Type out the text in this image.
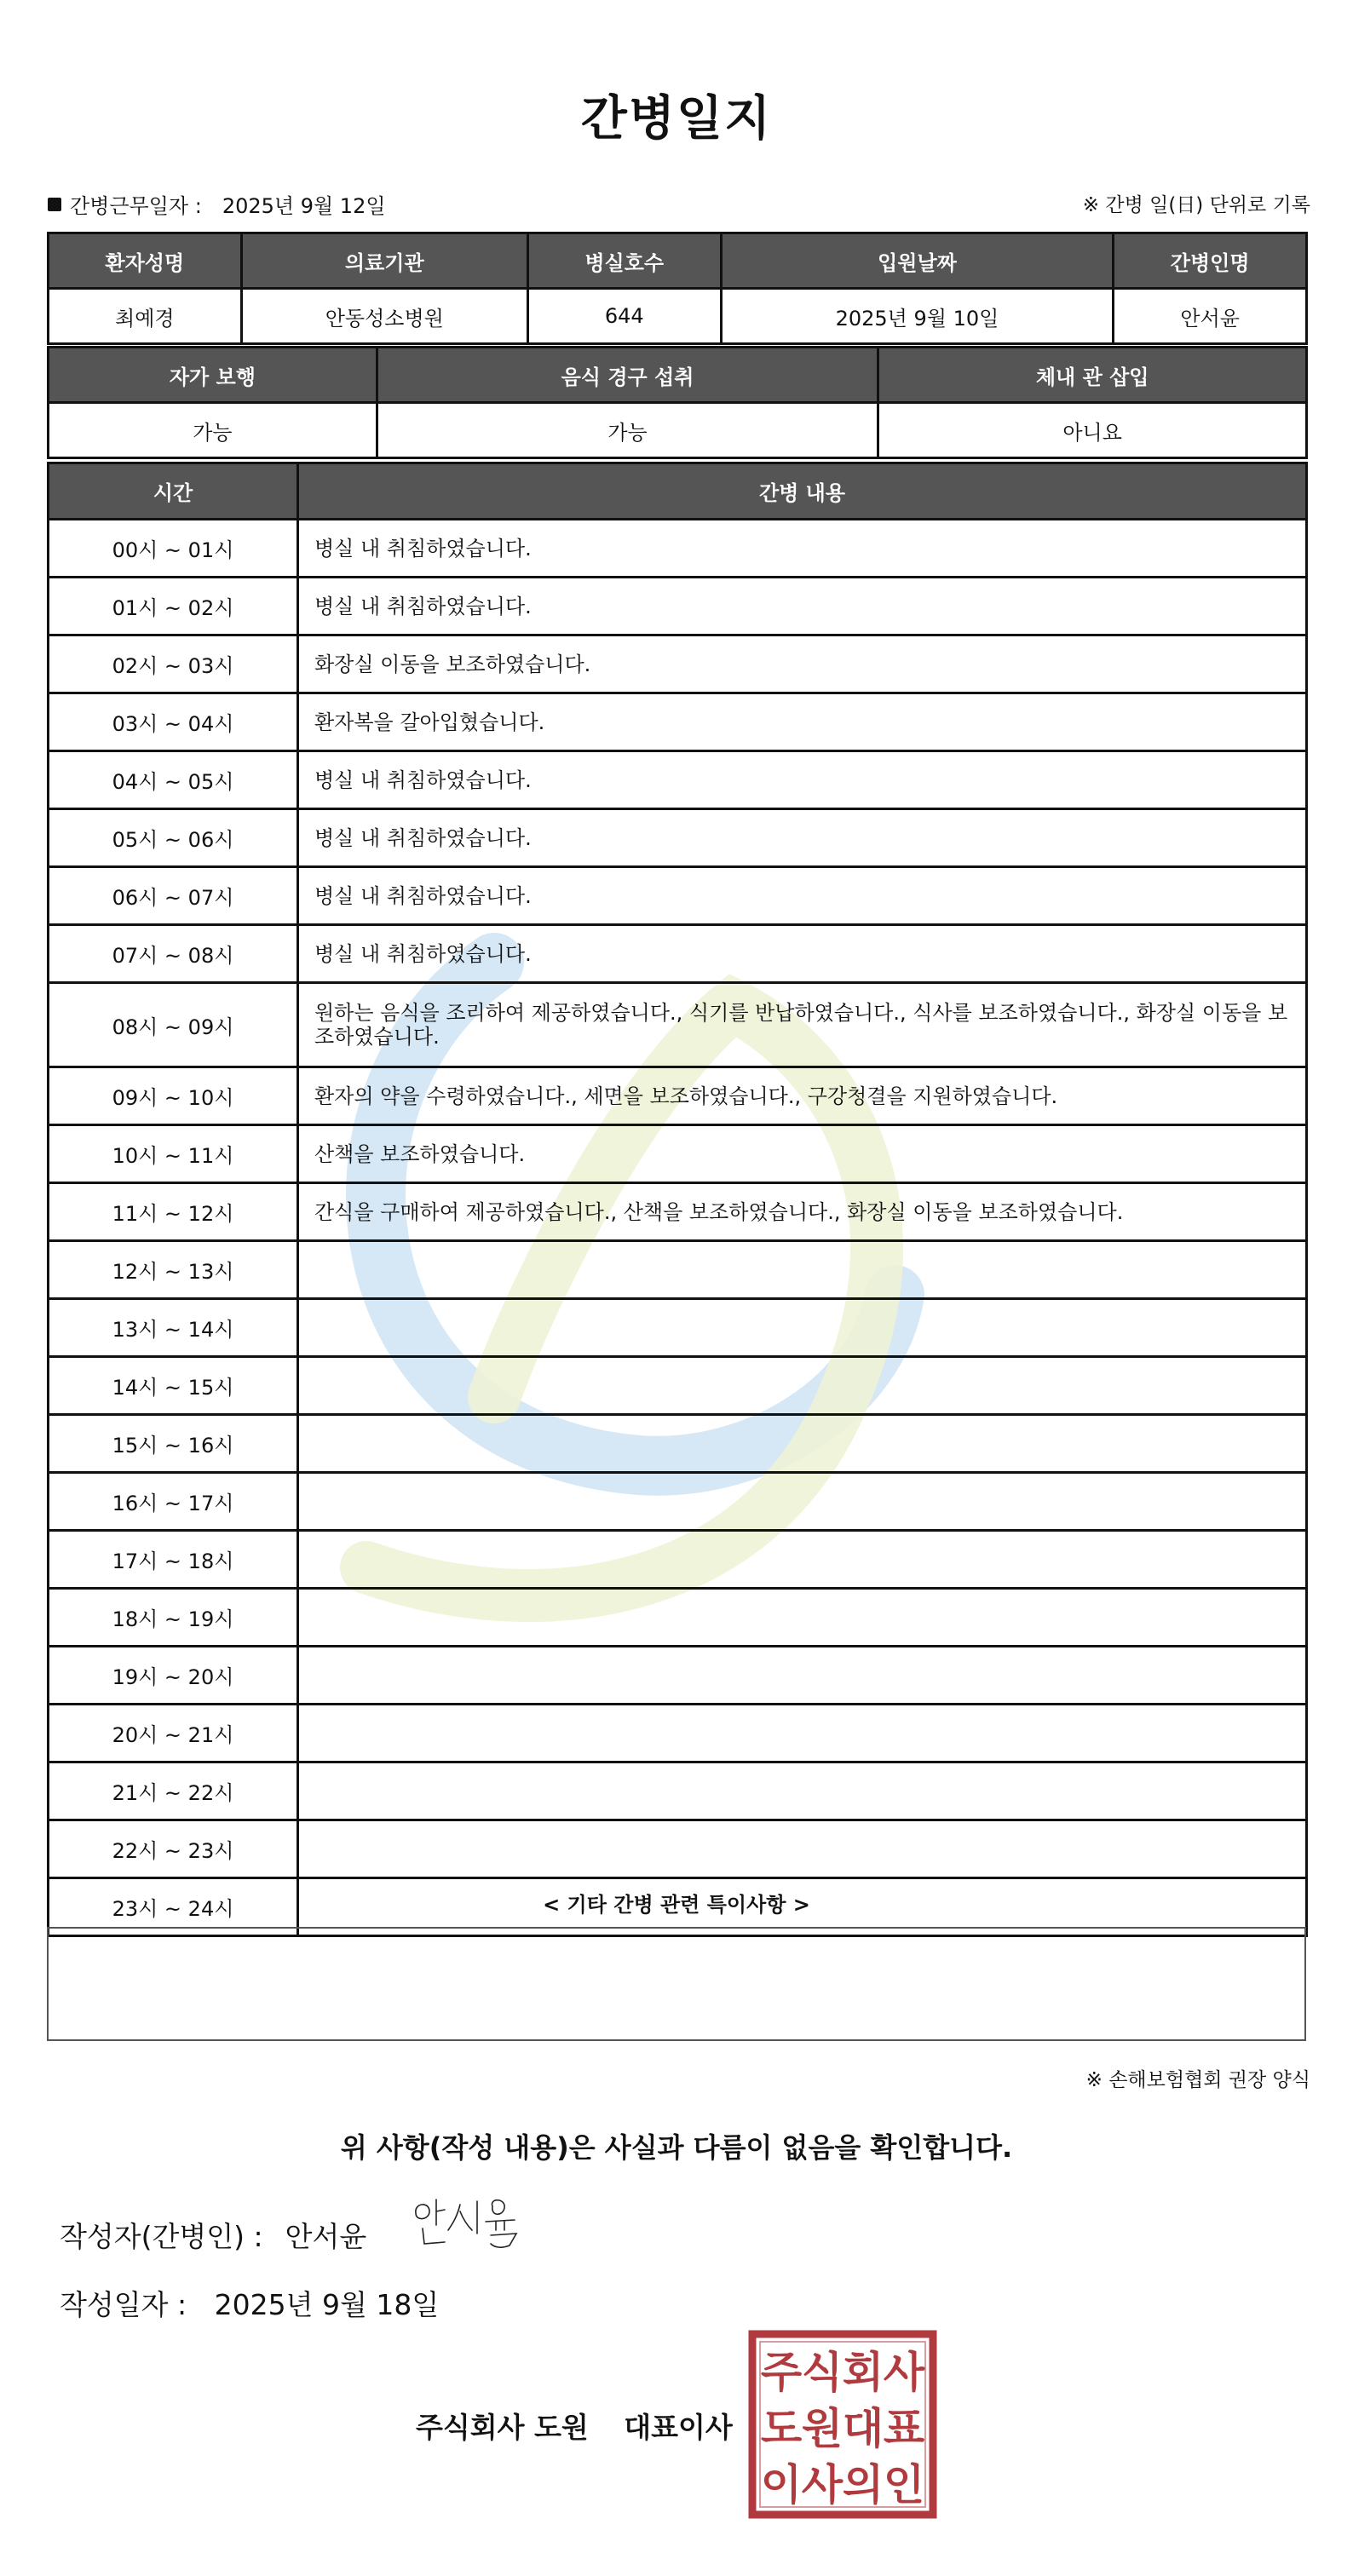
간병일지
간병근무일자 : 2025년 9월 12일	※ 간병 일(日) 단위로 기록
환자성명	의료기관	병실호수	입원날짜	간병인명
최예경	안동성소병원	644	2025년 9월 10일	안서윤
자가 보행	음식 경구 섭취	체내 관 삽입
가능	가능	아니요
시간	간병 내용
00시 ~ 01시	병실 내 취침하였습니다.
01시 ~ 02시	병실 내 취침하였습니다.
02시 ~ 03시	화장실 이동을 보조하였습니다.
03시 ~ 04시	환자복을 갈아입혔습니다.
04시 ~ 05시	병실 내 취침하였습니다.
05시 ~ 06시	병실 내 취침하였습니다.
06시 ~ 07시	병실 내 취침하였습니다.
07시 ~ 08시	병실 내 취침하였습니다.
08시 ~ 09시	원하는 음식을 조리하여 제공하였습니다., 식기를 반납하였습니다., 식사를 보조하였습니다., 화장실 이동을 보조하였습니다.
09시 ~ 10시	환자의 약을 수령하였습니다., 세면을 보조하였습니다., 구강청결을 지원하였습니다.
10시 ~ 11시	산책을 보조하였습니다.
11시 ~ 12시	간식을 구매하여 제공하였습니다., 산책을 보조하였습니다., 화장실 이동을 보조하였습니다.
12시 ~ 13시	
13시 ~ 14시	
14시 ~ 15시	
15시 ~ 16시	
16시 ~ 17시	
17시 ~ 18시	
18시 ~ 19시	
19시 ~ 20시	
20시 ~ 21시	
21시 ~ 22시	
22시 ~ 23시	
23시 ~ 24시		< 기타 간병 관련 특이사항 >
※ 손해보험협회 권장 양식
위 사항(작성 내용)은 사실과 다름이 없음을 확인합니다.
작성자(간병인) : 안서윤
작성일자 : 2025년 9월 18일
주식회사 도원 대표이사
주 식 회 사
도 원 대 표
이 사 의 인
